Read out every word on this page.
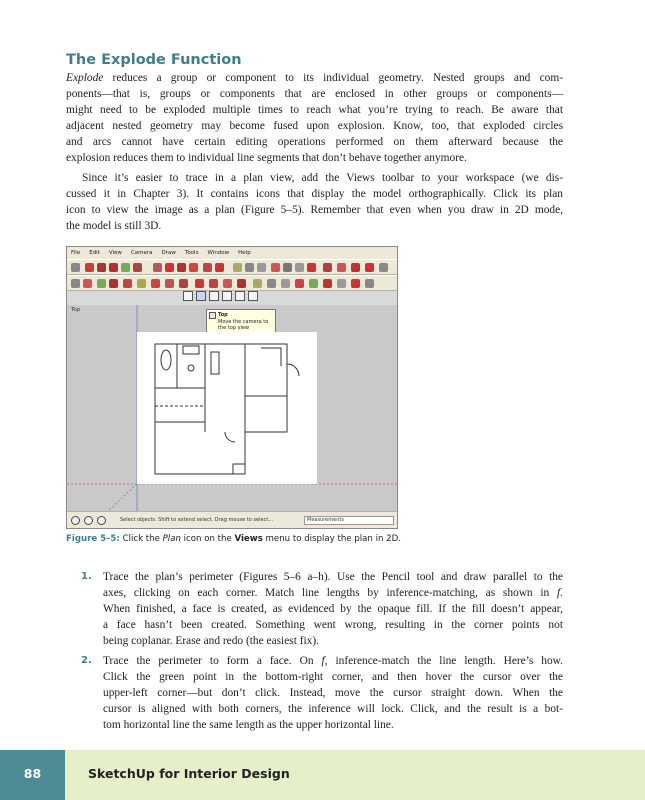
The Explode Function
Explode reduces a group or component to its individual geometry. Nested groups and com-
ponents—that is, groups or components that are enclosed in other groups or components—
might need to be exploded multiple times to reach what you’re trying to reach. Be aware that
adjacent nested geometry may become fused upon explosion. Know, too, that exploded circles
and arcs cannot have certain editing operations performed on them afterward because the
explosion reduces them to individual line segments that don’t behave together anymore.
Since it’s easier to trace in a plan view, add the Views toolbar to your workspace (we dis-
cussed it in Chapter 3). It contains icons that display the model orthographically. Click its plan
icon to view the image as a plan (Figure 5–5). Remember that even when you draw in 2D mode,
the model is still 3D.
File Edit View Camera Draw Tools Window Help
Top
Top
Move the camera to the top view
Select objects. Shift to extend select. Drag mouse to select...	Measurements
Figure 5–5: Click the Plan icon on the Views menu to display the plan in 2D.
1. Trace the plan’s perimeter (Figures 5–6 a–h). Use the Pencil tool and draw parallel to the
axes, clicking on each corner. Match line lengths by inference-matching, as shown in f.
When finished, a face is created, as evidenced by the opaque fill. If the fill doesn’t appear,
a face hasn’t been created. Something went wrong, resulting in the corner points not
being coplanar. Erase and redo (the easiest fix).
2. Trace the perimeter to form a face. On f, inference-match the line length. Here’s how.
Click the green point in the bottom-right corner, and then hover the cursor over the
upper-left corner—but don’t click. Instead, move the cursor straight down. When the
cursor is aligned with both corners, the inference will lock. Click, and the result is a bot-
tom horizontal line the same length as the upper horizontal line.
88	SketchUp for Interior Design
